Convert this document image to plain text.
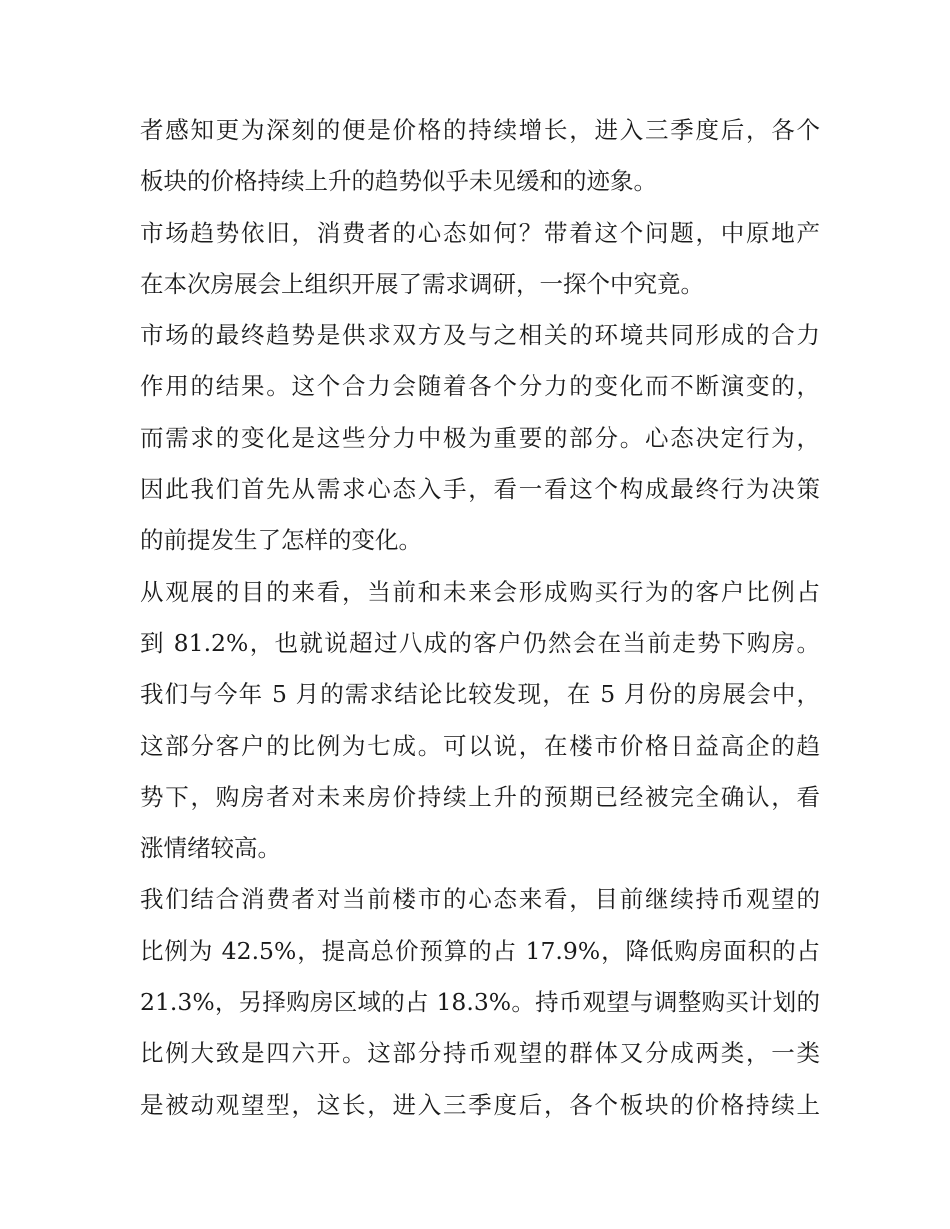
者感知更为深刻的便是价格的持续增长，进入三季度后，各个
板块的价格持续上升的趋势似乎未见缓和的迹象。
市场趋势依旧，消费者的心态如何？带着这个问题，中原地产
在本次房展会上组织开展了需求调研，一探个中究竟。
市场的最终趋势是供求双方及与之相关的环境共同形成的合力
作用的结果。这个合力会随着各个分力的变化而不断演变的，
而需求的变化是这些分力中极为重要的部分。心态决定行为，
因此我们首先从需求心态入手，看一看这个构成最终行为决策
的前提发生了怎样的变化。
从观展的目的来看，当前和未来会形成购买行为的客户比例占
到 81.2%，也就说超过八成的客户仍然会在当前走势下购房。
我们与今年 5 月的需求结论比较发现，在 5 月份的房展会中，
这部分客户的比例为七成。可以说，在楼市价格日益高企的趋
势下，购房者对未来房价持续上升的预期已经被完全确认，看
涨情绪较高。
我们结合消费者对当前楼市的心态来看，目前继续持币观望的
比例为 42.5%，提高总价预算的占 17.9%，降低购房面积的占
21.3%，另择购房区域的占 18.3%。持币观望与调整购买计划的
比例大致是四六开。这部分持币观望的群体又分成两类，一类
是被动观望型，这长，进入三季度后，各个板块的价格持续上
